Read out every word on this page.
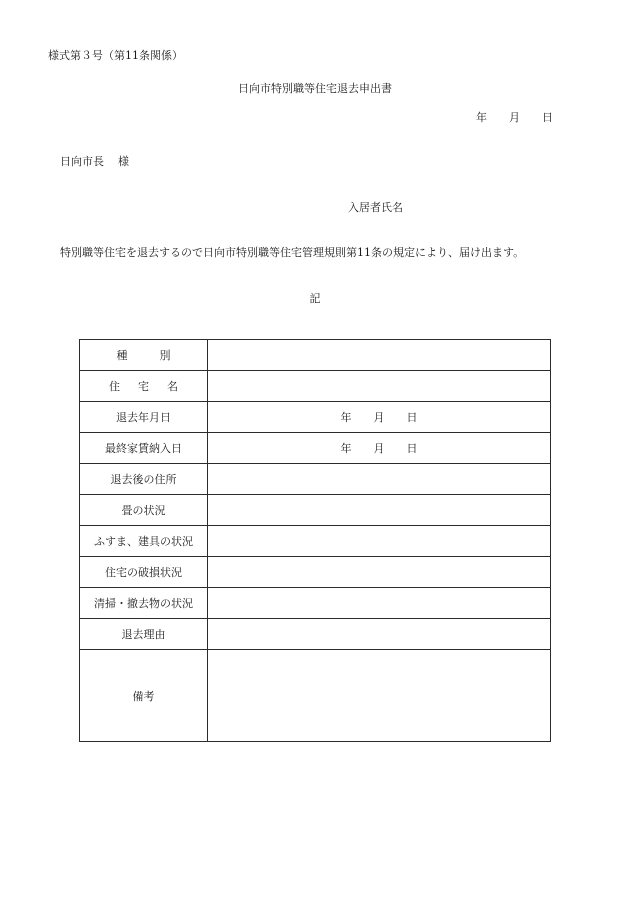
様式第３号（第11条関係）
日向市特別職等住宅退去申出書
年 月 日
日向市長 様
入居者氏名
特別職等住宅を退去するので日向市特別職等住宅管理規則第11条の規定により、届け出ます。
記
種別	
住宅名	
退去年月日	年 月 日
最終家賃納入日	年 月 日
退去後の住所	
畳の状況	
ふすま、建具の状況	
住宅の破損状況	
清掃・撤去物の状況	
退去理由	
備考	
